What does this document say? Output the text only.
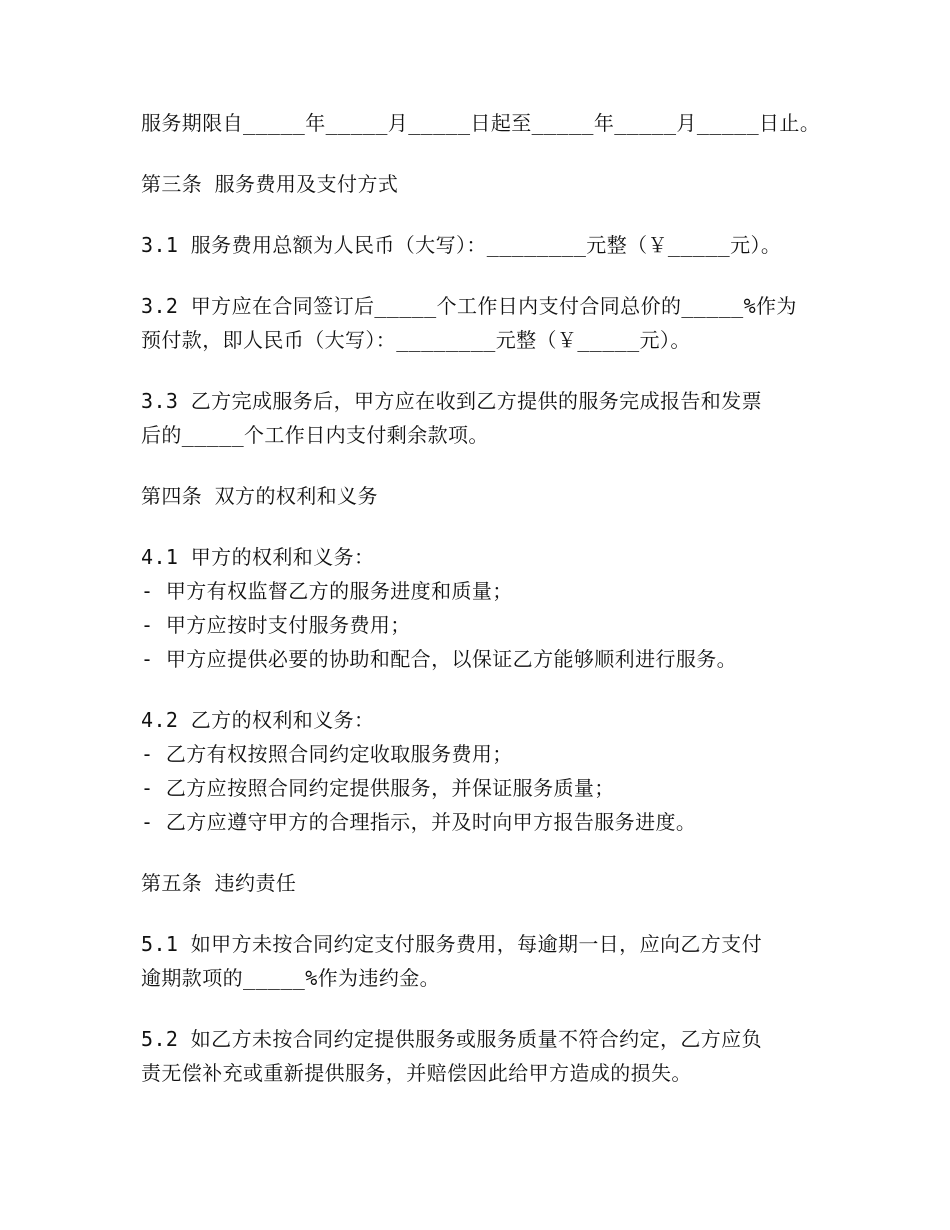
服务期限自_____年_____月_____日起至_____年_____月_____日止。
第三条 服务费用及支付方式
3.1 服务费用总额为人民币（大写）：________元整（￥_____元）。
3.2 甲方应在合同签订后_____个工作日内支付合同总价的_____%作为
预付款，即人民币（大写）：________元整（￥_____元）。
3.3 乙方完成服务后，甲方应在收到乙方提供的服务完成报告和发票
后的_____个工作日内支付剩余款项。
第四条 双方的权利和义务
4.1 甲方的权利和义务：
- 甲方有权监督乙方的服务进度和质量；
- 甲方应按时支付服务费用；
- 甲方应提供必要的协助和配合，以保证乙方能够顺利进行服务。
4.2 乙方的权利和义务：
- 乙方有权按照合同约定收取服务费用；
- 乙方应按照合同约定提供服务，并保证服务质量；
- 乙方应遵守甲方的合理指示，并及时向甲方报告服务进度。
第五条 违约责任
5.1 如甲方未按合同约定支付服务费用，每逾期一日，应向乙方支付
逾期款项的_____%作为违约金。
5.2 如乙方未按合同约定提供服务或服务质量不符合约定，乙方应负
责无偿补充或重新提供服务，并赔偿因此给甲方造成的损失。
